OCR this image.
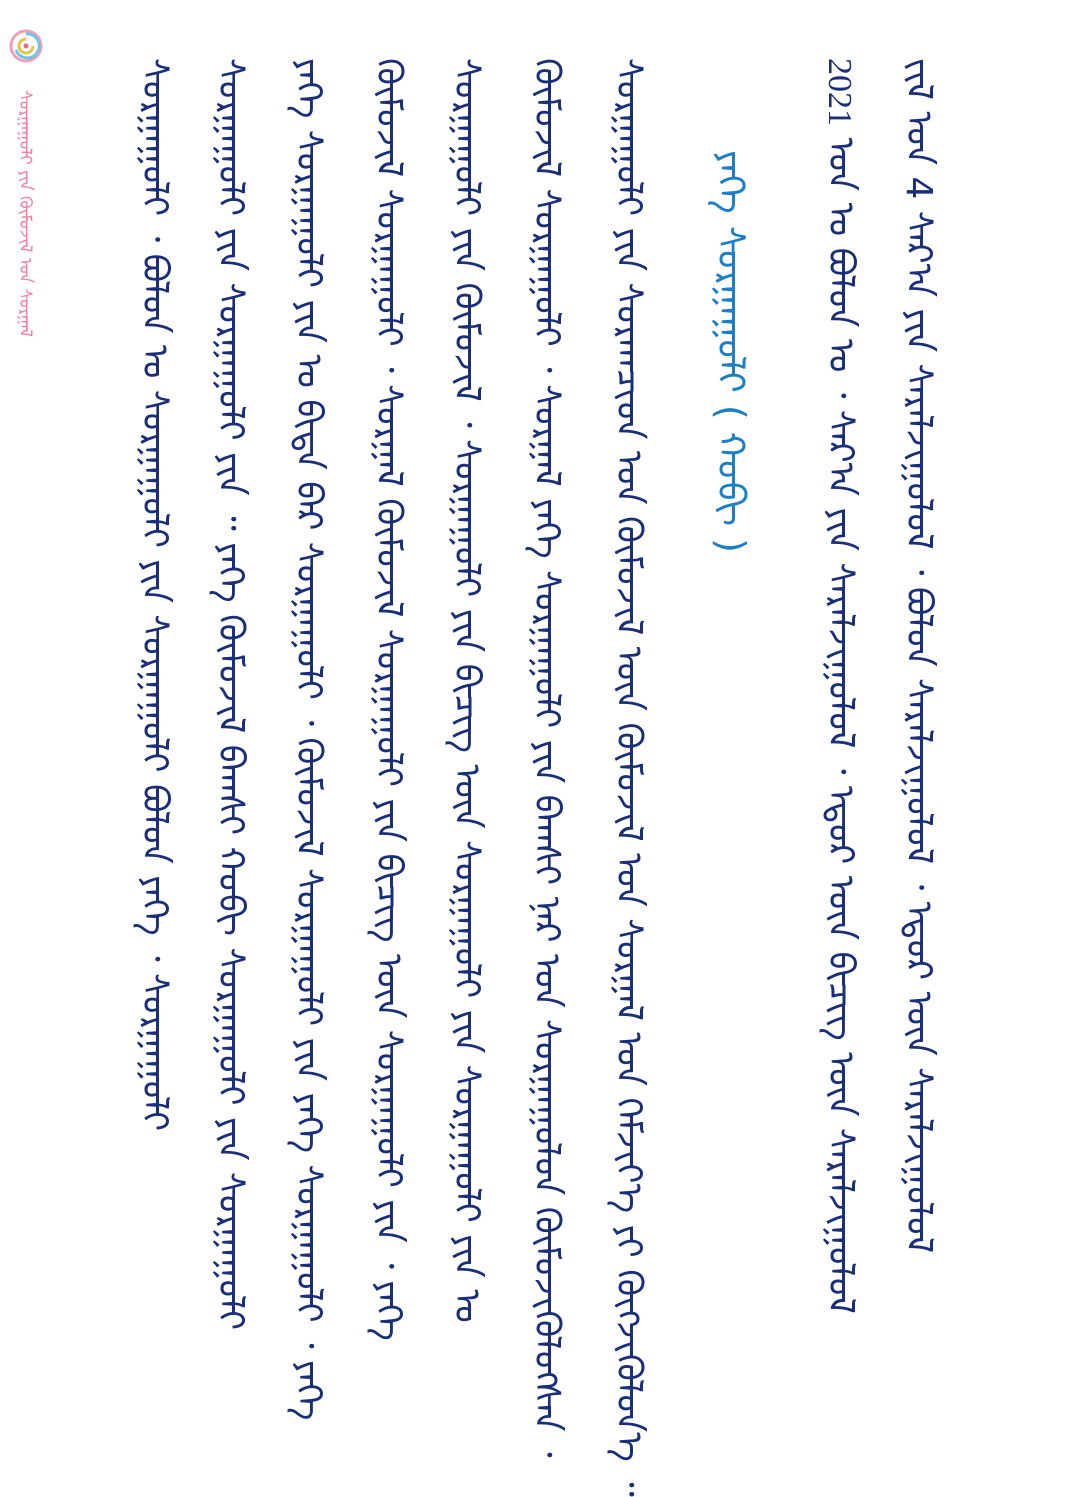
ᠰᠤᠷᠭᠠᠭᠤᠯᠢ ᠶᠢᠨ ᠬᠥᠮᠦᠵᠢᠯ ᠤᠨ ᠰᠤᠷᠭᠠᠯ	ᠵᠢᠯ ᠤᠨ 4 ᠰᠠᠷ᠎ᠠ ᠶᠢᠨ ᠰᠠᠷᠠᠯᠵᠢᠭᠤᠯᠤᠯ ᠂ ᠪᠣᠯᠤᠨ ᠰᠠᠷᠠᠯᠵᠢᠭᠤᠯᠤᠯ ᠂ ᠡᠳᠦᠷ ᠦᠨ ᠰᠠᠷᠠᠯᠵᠢᠭᠤᠯᠤᠯ
2021 ᠣᠨ ᠤ ᠪᠣᠯᠤᠨ ᠤ ᠂ ᠰᠠᠷ᠎ᠠ ᠶᠢᠨ ᠰᠠᠷᠠᠯᠵᠢᠭᠤᠯᠤᠯ ᠂ ᠡᠳᠦᠷ ᠦᠨ ᠪᠢᠴᠢᠭ᠌ ᠦᠨ ᠰᠠᠷᠠᠯᠵᠢᠭᠤᠯᠤᠯ
ᠶᠡᠬᠡ ᠰᠤᠷᠭᠠᠭᠤᠯᠢ ( ᠬᠤᠪᠢ )
ᠰᠤᠷᠭᠠᠭᠤᠯᠢ ᠶᠢᠨ ᠰᠤᠷᠠᠭᠴᠢᠳ ᠤᠨ ᠬᠥᠮᠦᠵᠢᠯ ᠦᠨ ᠬᠦᠮᠦᠵᠢᠯ ᠤᠨ ᠰᠤᠷᠭᠠᠯ ᠤᠨ ᠬᠡᠮᠵᠢᠶ᠎ᠡ ᠶᠢ ᠬᠥᠭᠵᠢᠭᠦᠯᠦᠨ᠎ᠡ ᠃
ᠬᠥᠮᠦᠵᠢᠯ ᠰᠤᠷᠭᠠᠭᠤᠯᠢ ᠂ ᠰᠤᠷᠭᠠᠯ ᠶᠡᠬᠡ ᠰᠤᠷᠭᠠᠭᠤᠯᠢ ᠶᠢᠨ ᠪᠠᠭᠰᠢ ᠨᠠᠷ ᠤᠨ ᠰᠤᠷᠭᠠᠭᠤᠯᠤᠨ ᠬᠥᠮᠦᠵᠢᠭᠦᠯᠦᠭᠰᠡᠨ ᠂
ᠰᠤᠷᠭᠠᠭᠤᠯᠢ ᠶᠢᠨ ᠬᠥᠮᠦᠵᠢᠯ ᠂ ᠰᠤᠷᠭᠠᠭᠤᠯᠢ ᠶᠢᠨ ᠪᠢᠴᠢᠭ᠌ ᠦᠨ ᠰᠤᠷᠭᠠᠭᠤᠯᠢ ᠶᠢᠨ ᠰᠤᠷᠭᠠᠭᠤᠯᠢ ᠶᠢᠨ ᠤ
ᠬᠥᠮᠦᠵᠢᠯ ᠰᠤᠷᠭᠠᠭᠤᠯᠢ ᠂ ᠰᠤᠷᠭᠠᠯ ᠬᠥᠮᠦᠵᠢᠯ ᠰᠤᠷᠭᠠᠭᠤᠯᠢ ᠶᠢᠨ ᠪᠢᠴᠢᠭ᠌ ᠦᠨ ᠰᠤᠷᠭᠠᠭᠤᠯᠢ ᠶᠢᠨ ᠂ ᠶᠡᠬᠡ
ᠶᠡᠬᠡ ᠰᠤᠷᠭᠠᠭᠤᠯᠢ ᠶᠢᠨ ᠤ ᠪᠢᠳᠡ ᠪᠡᠷ ᠰᠤᠷᠭᠠᠭᠤᠯᠢ ᠂ ᠬᠥᠮᠦᠵᠢᠯ ᠰᠤᠷᠭᠠᠭᠤᠯᠢ ᠶᠢᠨ ᠶᠡᠬᠡ ᠰᠤᠷᠭᠠᠭᠤᠯᠢ ᠂ ᠶᠡᠬᠡ
ᠰᠤᠷᠭᠠᠭᠤᠯᠢ ᠶᠢᠨ ᠰᠤᠷᠭᠠᠭᠤᠯᠢ ᠶᠢᠨ ᠃ ᠶᠡᠬᠡ ᠬᠥᠮᠦᠵᠢᠯ ᠪᠠᠭᠰᠢ ᠬᠤᠪᠢ ᠰᠤᠷᠭᠠᠭᠤᠯᠢ ᠶᠢᠨ ᠰᠤᠷᠭᠠᠭᠤᠯᠢ
ᠰᠤᠷᠭᠠᠭᠤᠯᠢ ᠂ ᠪᠣᠯᠤᠨ ᠤ ᠰᠤᠷᠭᠠᠭᠤᠯᠢ ᠶᠢᠨ ᠰᠤᠷᠭᠠᠭᠤᠯᠢ ᠪᠣᠯᠤᠨ ᠶᠡᠬᠡ ᠂ ᠰᠤᠷᠭᠠᠭᠤᠯᠢ
